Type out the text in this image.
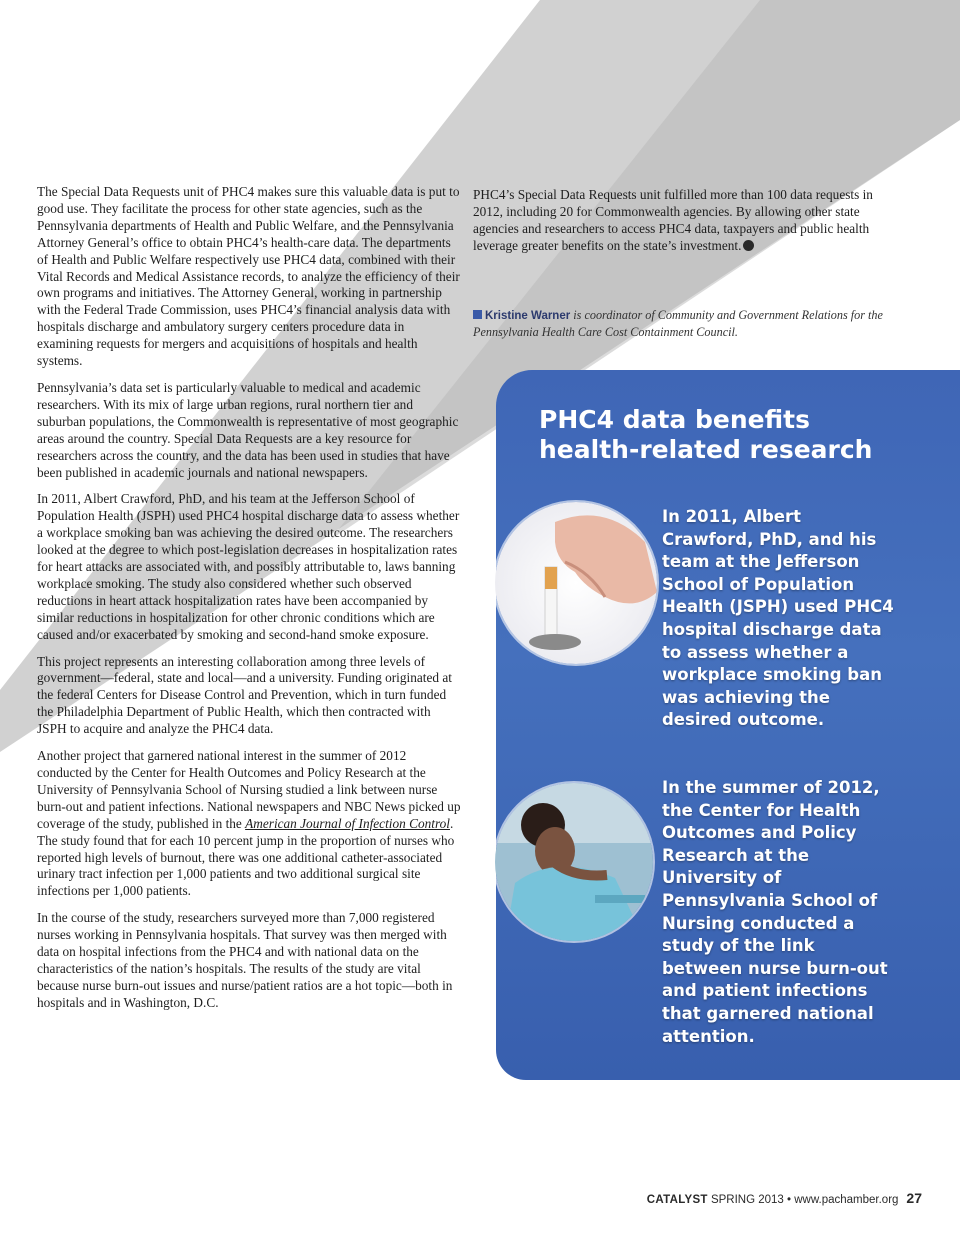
The Special Data Requests unit of PHC4 makes sure this valuable data is put to good use. They facilitate the process for other state agencies, such as the Pennsylvania departments of Health and Public Welfare, and the Pennsylvania Attorney General’s office to obtain PHC4’s health-care data. The departments of Health and Public Welfare respectively use PHC4 data, combined with their Vital Records and Medical Assistance records, to analyze the efficiency of their own programs and initiatives. The Attorney General, working in partnership with the Federal Trade Commission, uses PHC4’s financial analysis data with hospitals discharge and ambulatory surgery centers procedure data in examining requests for mergers and acquisitions of hospitals and health systems.

Pennsylvania’s data set is particularly valuable to medical and academic researchers. With its mix of large urban regions, rural northern tier and suburban populations, the Commonwealth is representative of most geographic areas around the country. Special Data Requests are a key resource for researchers across the country, and the data has been used in studies that have been published in academic journals and national newspapers.

In 2011, Albert Crawford, PhD, and his team at the Jefferson School of Population Health (JSPH) used PHC4 hospital discharge data to assess whether a workplace smoking ban was achieving the desired outcome. The researchers looked at the degree to which post-legislation decreases in hospitalization rates for heart attacks are associated with, and possibly attributable to, laws banning workplace smoking. The study also considered whether such observed reductions in heart attack hospitalization rates have been accompanied by similar reductions in hospitalization for other chronic conditions which are caused and/or exacerbated by smoking and second-hand smoke exposure.

This project represents an interesting collaboration among three levels of government—federal, state and local—and a university. Funding originated at the federal Centers for Disease Control and Prevention, which in turn funded the Philadelphia Department of Public Health, which then contracted with JSPH to acquire and analyze the PHC4 data.

Another project that garnered national interest in the summer of 2012 conducted by the Center for Health Outcomes and Policy Research at the University of Pennsylvania School of Nursing studied a link between nurse burn-out and patient infections. National newspapers and NBC News picked up coverage of the study, published in the American Journal of Infection Control. The study found that for each 10 percent jump in the proportion of nurses who reported high levels of burnout, there was one additional catheter-associated urinary tract infection per 1,000 patients and two additional surgical site infections per 1,000 patients.

In the course of the study, researchers surveyed more than 7,000 registered nurses working in Pennsylvania hospitals. That survey was then merged with data on hospital infections from the PHC4 and with national data on the characteristics of the nation’s hospitals. The results of the study are vital because nurse burn-out issues and nurse/patient ratios are a hot topic—both in hospitals and in Washington, D.C.

PHC4’s Special Data Requests unit fulfilled more than 100 data requests in 2012, including 20 for Commonwealth agencies. By allowing other state agencies and researchers to access PHC4 data, taxpayers and public health leverage greater benefits on the state’s investment.

Kristine Warner is coordinator of Community and Government Relations for the Pennsylvania Health Care Cost Containment Council.
PHC4 data benefits
health-related research
In 2011, Albert Crawford, PhD, and his team at the Jefferson School of Population Health (JSPH) used PHC4 hospital discharge data to assess whether a workplace smoking ban was achieving the desired outcome.
In the summer of 2012, the Center for Health Outcomes and Policy Research at the University of Pennsylvania School of Nursing conducted a study of the link between nurse burn-out and patient infections that garnered national attention.
CATALYST SPRING 2013 • www.pachamber.org 27
